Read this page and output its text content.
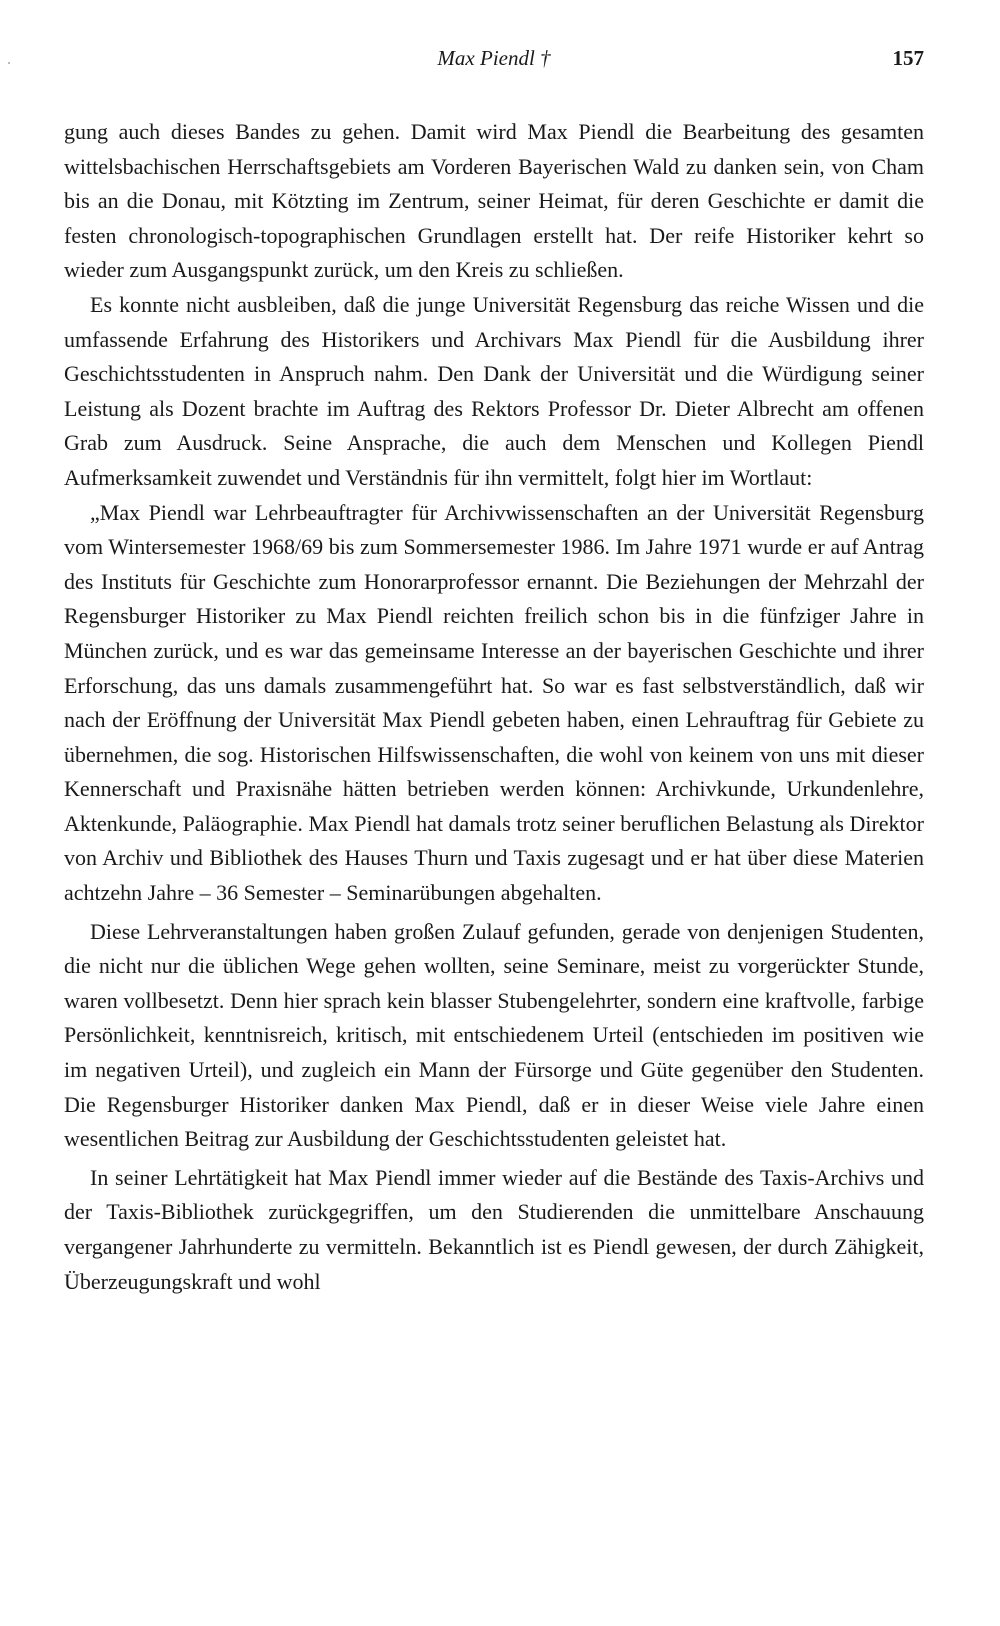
Max Piendl †	157

gung auch dieses Bandes zu gehen. Damit wird Max Piendl die Bearbeitung des gesamten wittelsbachischen Herrschaftsgebiets am Vorderen Bayerischen Wald zu danken sein, von Cham bis an die Donau, mit Kötzting im Zentrum, seiner Heimat, für deren Geschichte er damit die festen chronologisch-topographischen Grundlagen erstellt hat. Der reife Historiker kehrt so wieder zum Ausgangspunkt zurück, um den Kreis zu schließen.

Es konnte nicht ausbleiben, daß die junge Universität Regensburg das reiche Wissen und die umfassende Erfahrung des Historikers und Archivars Max Piendl für die Ausbildung ihrer Geschichtsstudenten in Anspruch nahm. Den Dank der Universität und die Würdigung seiner Leistung als Dozent brachte im Auftrag des Rektors Professor Dr. Dieter Albrecht am offenen Grab zum Ausdruck. Seine Ansprache, die auch dem Menschen und Kollegen Piendl Aufmerksamkeit zuwendet und Verständnis für ihn vermittelt, folgt hier im Wortlaut:

„Max Piendl war Lehrbeauftragter für Archivwissenschaften an der Universität Regensburg vom Wintersemester 1968/69 bis zum Sommersemester 1986. Im Jahre 1971 wurde er auf Antrag des Instituts für Geschichte zum Honorarprofessor ernannt. Die Beziehungen der Mehrzahl der Regensburger Historiker zu Max Piendl reichten freilich schon bis in die fünfziger Jahre in München zurück, und es war das gemeinsame Interesse an der bayerischen Geschichte und ihrer Erforschung, das uns damals zusammengeführt hat. So war es fast selbstverständlich, daß wir nach der Eröffnung der Universität Max Piendl gebeten haben, einen Lehrauftrag für Gebiete zu übernehmen, die sog. Historischen Hilfswissenschaften, die wohl von keinem von uns mit dieser Kennerschaft und Praxisnähe hätten betrieben werden können: Archivkunde, Urkundenlehre, Aktenkunde, Paläographie. Max Piendl hat damals trotz seiner beruflichen Belastung als Direktor von Archiv und Bibliothek des Hauses Thurn und Taxis zugesagt und er hat über diese Materien achtzehn Jahre – 36 Semester – Seminarübungen abgehalten.

Diese Lehrveranstaltungen haben großen Zulauf gefunden, gerade von denjenigen Studenten, die nicht nur die üblichen Wege gehen wollten, seine Seminare, meist zu vorgerückter Stunde, waren vollbesetzt. Denn hier sprach kein blasser Stubengelehrter, sondern eine kraftvolle, farbige Persönlichkeit, kenntnisreich, kritisch, mit entschiedenem Urteil (entschieden im positiven wie im negativen Urteil), und zugleich ein Mann der Fürsorge und Güte gegenüber den Studenten. Die Regensburger Historiker danken Max Piendl, daß er in dieser Weise viele Jahre einen wesentlichen Beitrag zur Ausbildung der Geschichtsstudenten geleistet hat.

In seiner Lehrtätigkeit hat Max Piendl immer wieder auf die Bestände des Taxis-Archivs und der Taxis-Bibliothek zurückgegriffen, um den Studierenden die unmittelbare Anschauung vergangener Jahrhunderte zu vermitteln. Bekanntlich ist es Piendl gewesen, der durch Zähigkeit, Überzeugungskraft und wohl
